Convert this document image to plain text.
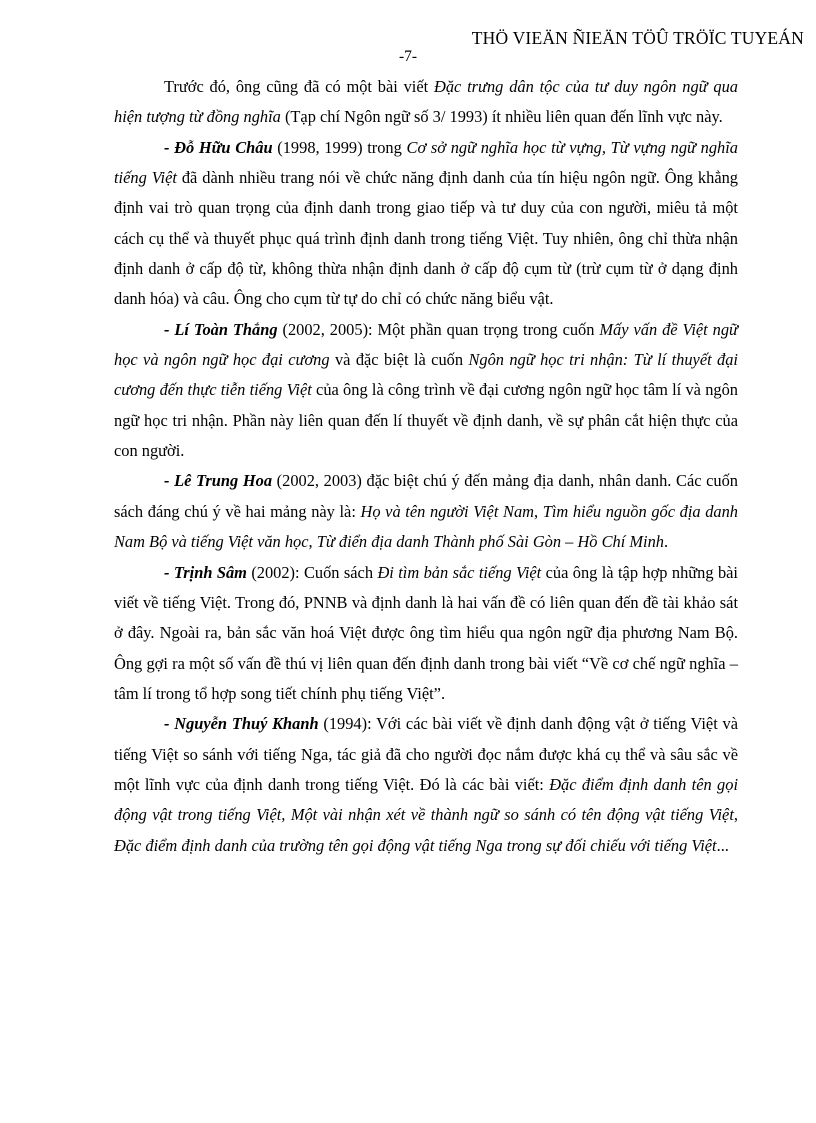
THÖ VIEÄN ÑIEÄN TÖÛ TRÖÏC TUYEÁN
-7-

Trước đó, ông cũng đã có một bài viết Đặc trưng dân tộc của tư duy ngôn ngữ qua hiện tượng từ đồng nghĩa (Tạp chí Ngôn ngữ số 3/ 1993) ít nhiều liên quan đến lĩnh vực này.

- Đỗ Hữu Châu (1998, 1999) trong Cơ sở ngữ nghĩa học từ vựng, Từ vựng ngữ nghĩa tiếng Việt đã dành nhiều trang nói về chức năng định danh của tín hiệu ngôn ngữ. Ông khẳng định vai trò quan trọng của định danh trong giao tiếp và tư duy của con người, miêu tả một cách cụ thể và thuyết phục quá trình định danh trong tiếng Việt. Tuy nhiên, ông chỉ thừa nhận định danh ở cấp độ từ, không thừa nhận định danh ở cấp độ cụm từ (trừ cụm từ ở dạng định danh hóa) và câu. Ông cho cụm từ tự do chỉ có chức năng biểu vật.

- Lí Toàn Thắng (2002, 2005): Một phần quan trọng trong cuốn Mấy vấn đề Việt ngữ học và ngôn ngữ học đại cương và đặc biệt là cuốn Ngôn ngữ học tri nhận: Từ lí thuyết đại cương đến thực tiễn tiếng Việt của ông là công trình về đại cương ngôn ngữ học tâm lí và ngôn ngữ học tri nhận. Phần này liên quan đến lí thuyết về định danh, về sự phân cắt hiện thực của con người.

- Lê Trung Hoa (2002, 2003) đặc biệt chú ý đến mảng địa danh, nhân danh. Các cuốn sách đáng chú ý về hai mảng này là: Họ và tên người Việt Nam, Tìm hiểu nguồn gốc địa danh Nam Bộ và tiếng Việt văn học, Từ điển địa danh Thành phố Sài Gòn – Hồ Chí Minh.

- Trịnh Sâm (2002): Cuốn sách Đi tìm bản sắc tiếng Việt của ông là tập hợp những bài viết về tiếng Việt. Trong đó, PNNB và định danh là hai vấn đề có liên quan đến đề tài khảo sát ở đây. Ngoài ra, bản sắc văn hoá Việt được ông tìm hiểu qua ngôn ngữ địa phương Nam Bộ. Ông gợi ra một số vấn đề thú vị liên quan đến định danh trong bài viết “Về cơ chế ngữ nghĩa – tâm lí trong tổ hợp song tiết chính phụ tiếng Việt”.

- Nguyễn Thuý Khanh (1994): Với các bài viết về định danh động vật ở tiếng Việt và tiếng Việt so sánh với tiếng Nga, tác giả đã cho người đọc nắm được khá cụ thể và sâu sắc về một lĩnh vực của định danh trong tiếng Việt. Đó là các bài viết: Đặc điểm định danh tên gọi động vật trong tiếng Việt, Một vài nhận xét về thành ngữ so sánh có tên động vật tiếng Việt, Đặc điểm định danh của trường tên gọi động vật tiếng Nga trong sự đối chiếu với tiếng Việt...
